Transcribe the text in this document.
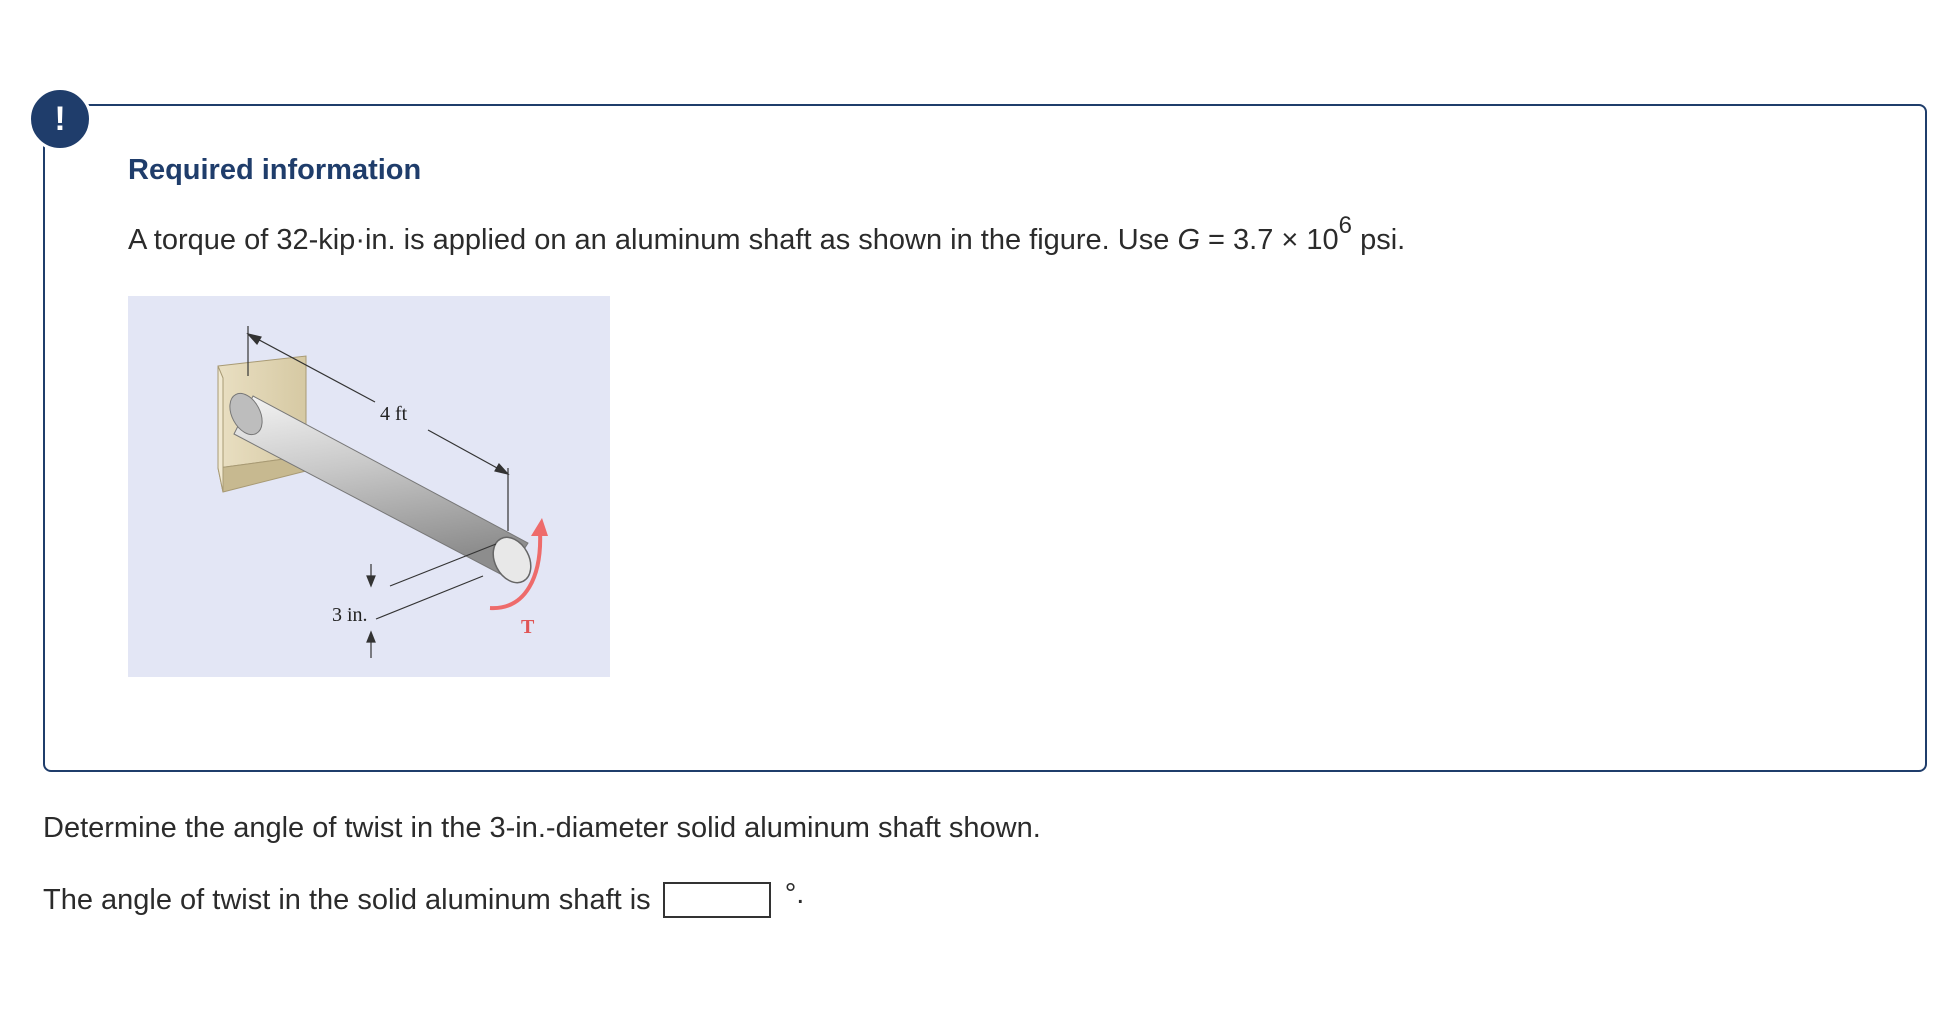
!
Required information
A torque of 32-kip·in. is applied on an aluminum shaft as shown in the figure. Use $G = 3.7 \times 10^6$ psi.
4 ft
3 in.
T
Determine the angle of twist in the 3-in.-diameter solid aluminum shaft shown.
The angle of twist in the solid aluminum shaft is	°.
